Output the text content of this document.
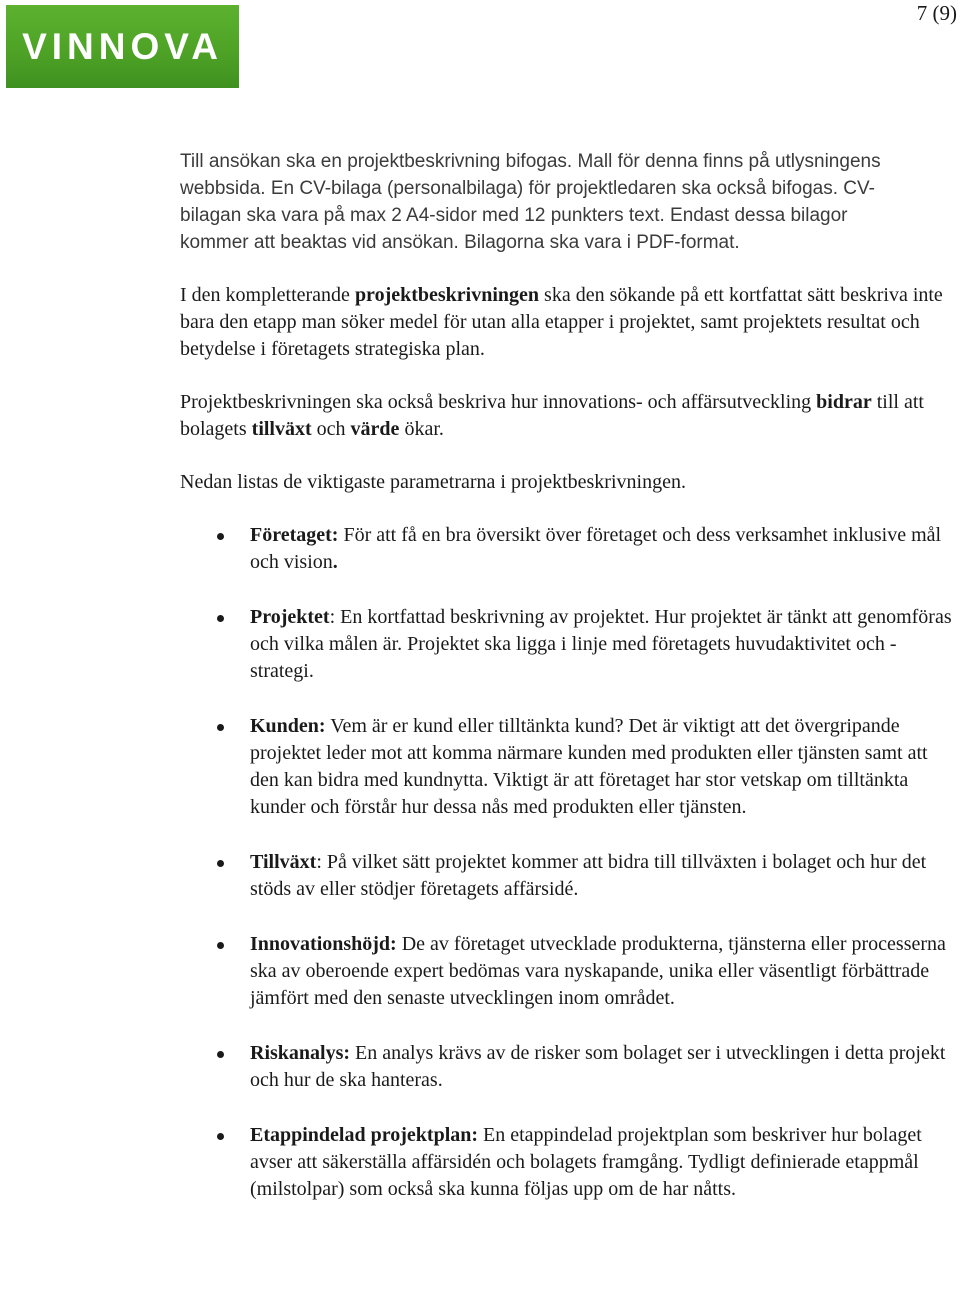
VINNOVA
7 (9)

Till ansökan ska en projektbeskrivning bifogas. Mall för denna finns på utlysningens webbsida. En CV-bilaga (personalbilaga) för projektledaren ska också bifogas. CV-bilagan ska vara på max 2 A4-sidor med 12 punkters text. Endast dessa bilagor kommer att beaktas vid ansökan. Bilagorna ska vara i PDF-format.

I den kompletterande projektbeskrivningen ska den sökande på ett kortfattat sätt beskriva inte bara den etapp man söker medel för utan alla etapper i projektet, samt projektets resultat och betydelse i företagets strategiska plan.

Projektbeskrivningen ska också beskriva hur innovations- och affärsutveckling bidrar till att bolagets tillväxt och värde ökar.

Nedan listas de viktigaste parametrarna i projektbeskrivningen.

Företaget: För att få en bra översikt över företaget och dess verksamhet inklusive mål och vision.
Projektet: En kortfattad beskrivning av projektet. Hur projektet är tänkt att genomföras och vilka målen är. Projektet ska ligga i linje med företagets huvudaktivitet och -strategi.
Kunden: Vem är er kund eller tilltänkta kund? Det är viktigt att det övergripande projektet leder mot att komma närmare kunden med produkten eller tjänsten samt att den kan bidra med kundnytta. Viktigt är att företaget har stor vetskap om tilltänkta kunder och förstår hur dessa nås med produkten eller tjänsten.
Tillväxt: På vilket sätt projektet kommer att bidra till tillväxten i bolaget och hur det stöds av eller stödjer företagets affärsidé.
Innovationshöjd: De av företaget utvecklade produkterna, tjänsterna eller processerna ska av oberoende expert bedömas vara nyskapande, unika eller väsentligt förbättrade jämfört med den senaste utvecklingen inom området.
Riskanalys: En analys krävs av de risker som bolaget ser i utvecklingen i detta projekt och hur de ska hanteras.
Etappindelad projektplan: En etappindelad projektplan som beskriver hur bolaget avser att säkerställa affärsidén och bolagets framgång. Tydligt definierade etappmål (milstolpar) som också ska kunna följas upp om de har nåtts.
